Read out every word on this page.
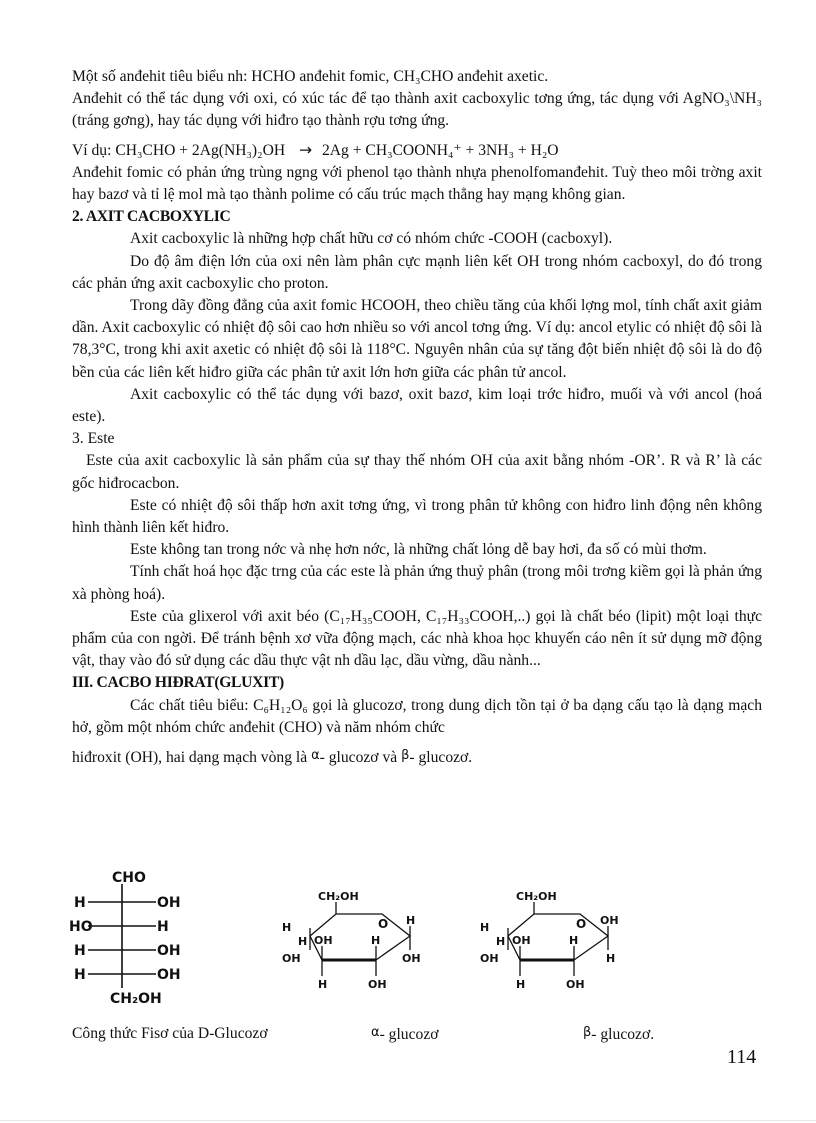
Một số anđehit tiêu biểu nh: HCHO anđehit fomic, CH₃CHO anđehit axetic.

Anđehit có thể tác dụng với oxi, có xúc tác để tạo thành axit cacboxylic tơng ứng, tác dụng với AgNO₃\NH₃ (tráng gơng), hay tác dụng với hiđro tạo thành rợu tơng ứng.

Ví dụ: CH₃CHO + 2Ag(NH₃)₂OH → 2Ag + CH₃COONH₄⁺ + 3NH₃ + H₂O

Anđehit fomic có phản ứng trùng ngng với phenol tạo thành nhựa phenolfomanđehit. Tuỳ theo môi trờng axit hay bazơ và tỉ lệ mol mà tạo thành polime có cấu trúc mạch thẳng hay mạng không gian.

2. AXIT CACBOXYLIC

Axit cacboxylic là những hợp chất hữu cơ có nhóm chức -COOH (cacboxyl).

Do độ âm điện lớn của oxi nên làm phân cực mạnh liên kết OH trong nhóm cacboxyl, do đó trong các phản ứng axit cacboxylic cho proton.

Trong dãy đồng đẳng của axit fomic HCOOH, theo chiều tăng của khối lợng mol, tính chất axit giảm dần. Axit cacboxylic có nhiệt độ sôi cao hơn nhiều so với ancol tơng ứng. Ví dụ: ancol etylic có nhiệt độ sôi là 78,3°C, trong khi axit axetic có nhiệt độ sôi là 118°C. Nguyên nhân của sự tăng đột biến nhiệt độ sôi là do độ bền của các liên kết hiđro giữa các phân tử axit lớn hơn giữa các phân tử ancol.

Axit cacboxylic có thể tác dụng với bazơ, oxit bazơ, kim loại trớc hiđro, muối và với ancol (hoá este).

3. Este

Este của axit cacboxylic là sản phẩm của sự thay thế nhóm OH của axit bằng nhóm -OR’. R và R’ là các gốc hiđrocacbon.

Este có nhiệt độ sôi thấp hơn axit tơng ứng, vì trong phân tử không con hiđro linh động nên không hình thành liên kết hiđro.

Este không tan trong nớc và nhẹ hơn nớc, là những chất lỏng dễ bay hơi, đa số có mùi thơm.

Tính chất hoá học đặc trng của các este là phản ứng thuỷ phân (trong môi trơng kiềm gọi là phản ứng xà phòng hoá).

Este của glixerol với axit béo (C₁₇H₃₅COOH, C₁₇H₃₃COOH,..) gọi là chất béo (lipit) một loại thực phẩm của con ngời. Để tránh bệnh xơ vữa động mạch, các nhà khoa học khuyến cáo nên ít sử dụng mỡ động vật, thay vào đó sử dụng các dầu thực vật nh dầu lạc, dầu vừng, dầu nành...

III. CACBO HIĐRAT(GLUXIT)

Các chất tiêu biểu: C₆H₁₂O₆ gọi là glucozơ, trong dung dịch tồn tại ở ba dạng cấu tạo là dạng mạch hở, gồm một nhóm chức anđehit (CHO) và năm nhóm chức

hiđroxit (OH), hai dạng mạch vòng là α- glucozơ và β- glucozơ.

CHO
H	OH
HO	H
H	OH
H	OH
CH₂OH
CH₂OH
O
H
H
OH
OH
OH	H
H	OH
H
CH₂OH
O
H
OH
H
OH
OH	H
H	OH
H
Công thức Fisơ của D-Glucozơ	α- glucozơ	β- glucozơ.
114
